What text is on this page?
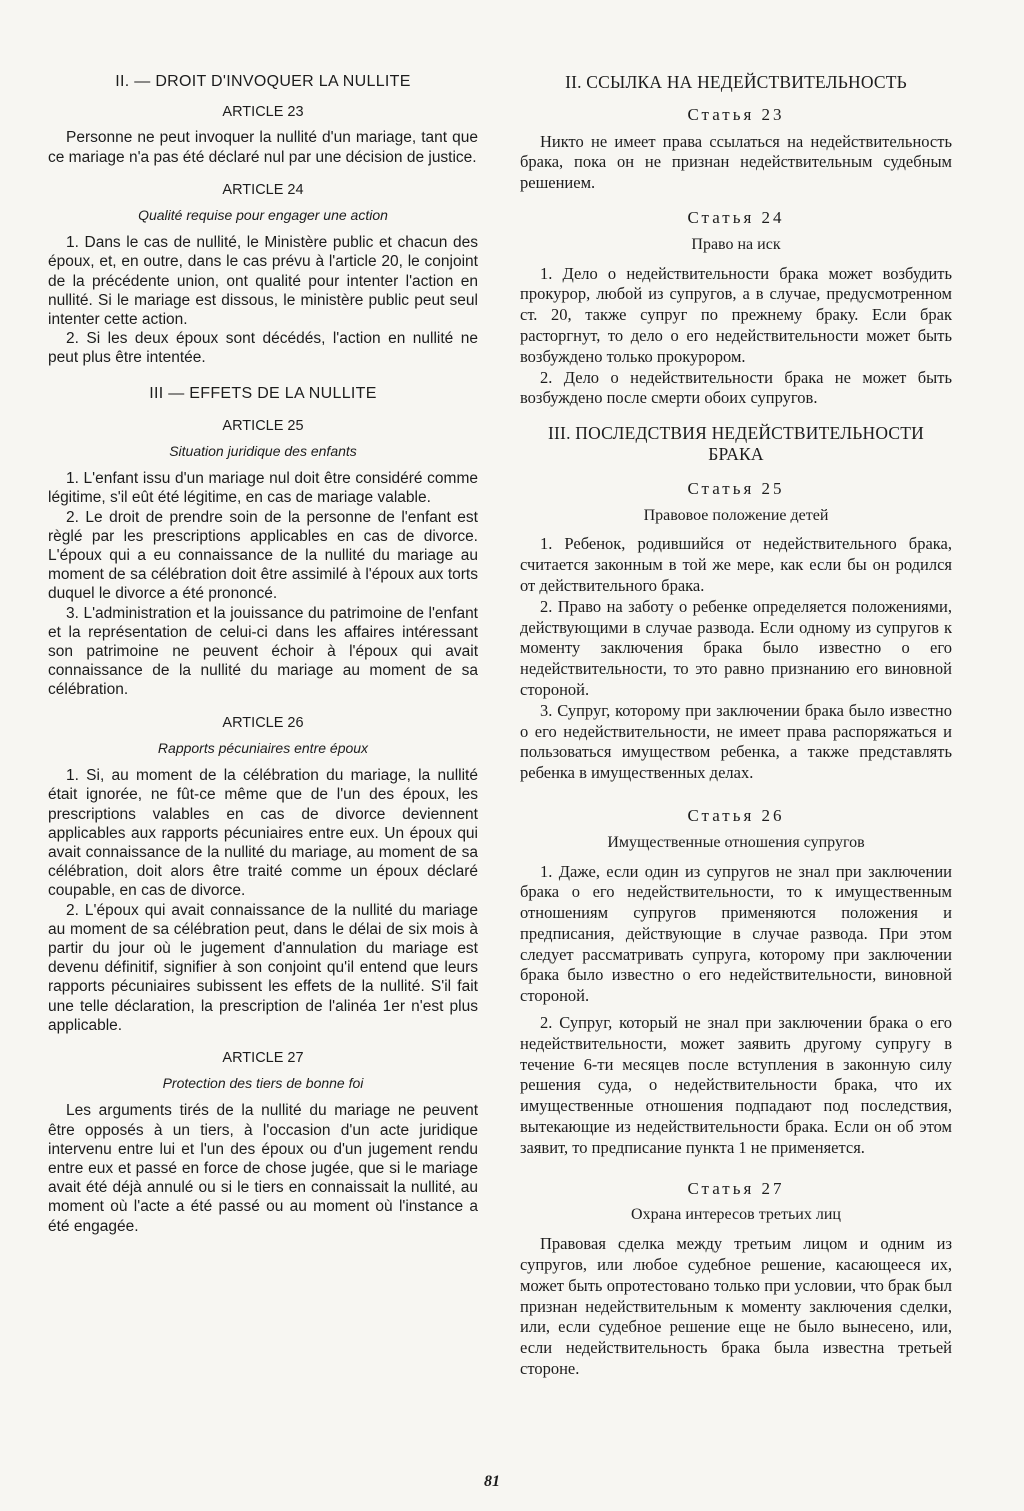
II. — DROIT D'INVOQUER LA NULLITE
ARTICLE 23

Personne ne peut invoquer la nullité d'un mariage, tant que ce mariage n'a pas été déclaré nul par une décision de justice.

ARTICLE 24
Qualité requise pour engager une action

1. Dans le cas de nullité, le Ministère public et chacun des époux, et, en outre, dans le cas prévu à l'article 20, le conjoint de la précédente union, ont qualité pour intenter l'action en nullité. Si le mariage est dissous, le ministère public peut seul intenter cette action.

2. Si les deux époux sont décédés, l'action en nullité ne peut plus être intentée.

III — EFFETS DE LA NULLITE
ARTICLE 25
Situation juridique des enfants

1. L'enfant issu d'un mariage nul doit être considéré comme légitime, s'il eût été légitime, en cas de mariage valable.

2. Le droit de prendre soin de la personne de l'enfant est règlé par les prescriptions applicables en cas de divorce. L'époux qui a eu connaissance de la nullité du mariage au moment de sa célébration doit être assimilé à l'époux aux torts duquel le divorce a été prononcé.

3. L'administration et la jouissance du patrimoine de l'enfant et la représentation de celui-ci dans les affaires intéressant son patrimoine ne peuvent échoir à l'époux qui avait connaissance de la nullité du mariage au moment de sa célébration.

ARTICLE 26
Rapports pécuniaires entre époux

1. Si, au moment de la célébration du mariage, la nullité était ignorée, ne fût-ce même que de l'un des époux, les prescriptions valables en cas de divorce deviennent applicables aux rapports pécuniaires entre eux. Un époux qui avait connaissance de la nullité du mariage, au moment de sa célébration, doit alors être traité comme un époux déclaré coupable, en cas de divorce.

2. L'époux qui avait connaissance de la nullité du mariage au moment de sa célébration peut, dans le délai de six mois à partir du jour où le jugement d'annulation du mariage est devenu définitif, signifier à son conjoint qu'il entend que leurs rapports pécuniaires subissent les effets de la nullité. S'il fait une telle déclaration, la prescription de l'alinéa 1er n'est plus applicable.

ARTICLE 27
Protection des tiers de bonne foi

Les arguments tirés de la nullité du mariage ne peuvent être opposés à un tiers, à l'occasion d'un acte juridique intervenu entre lui et l'un des époux ou d'un jugement rendu entre eux et passé en force de chose jugée, que si le mariage avait été déjà annulé ou si le tiers en connaissait la nullité, au moment où l'acte a été passé ou au moment où l'instance a été engagée.

II. ССЫЛКА НА НЕДЕЙСТВИТЕЛЬНОСТЬ
Статья 23

Никто не имеет права ссылаться на недействительность брака, пока он не признан недействительным судебным решением.

Статья 24
Право на иск

1. Дело о недействительности брака может возбудить прокурор, любой из супругов, а в случае, предусмотренном ст. 20, также супруг по прежнему браку. Если брак расторгнут, то дело о его недействительности может быть возбуждено только прокурором.

2. Дело о недействительности брака не может быть возбуждено после смерти обоих супругов.

III. ПОСЛЕДСТВИЯ НЕДЕЙСТВИТЕЛЬНОСТИ БРАКА
Статья 25
Правовое положение детей

1. Ребенок, родившийся от недействительного брака, считается законным в той же мере, как если бы он родился от действительного брака.

2. Право на заботу о ребенке определяется положениями, действующими в случае развода. Если одному из супругов к моменту заключения брака было известно о его недействительности, то это равно признанию его виновной стороной.

3. Супруг, которому при заключении брака было известно о его недействительности, не имеет права распоряжаться и пользоваться имуществом ребенка, а также представлять ребенка в имущественных делах.

Статья 26
Имущественные отношения супругов

1. Даже, если один из супругов не знал при заключении брака о его недействительности, то к имущественным отношениям супругов применяются положения и предписания, действующие в случае развода. При этом следует рассматривать супруга, которому при заключении брака было известно о его недействительности, виновной стороной.

2. Супруг, который не знал при заключении брака о его недействительности, может заявить другому супругу в течение 6-ти месяцев после вступления в законную силу решения суда, о недействительности брака, что их имущественные отношения подпадают под последствия, вытекающие из недействительности брака. Если он об этом заявит, то предписание пункта 1 не применяется.

Статья 27
Охрана интересов третьих лиц

Правовая сделка между третьим лицом и одним из супругов, или любое судебное решение, касающееся их, может быть опротестовано только при условии, что брак был признан недействительным к моменту заключения сделки, или, если судебное решение еще не было вынесено, или, если недействительность брака была известна третьей стороне.

81
